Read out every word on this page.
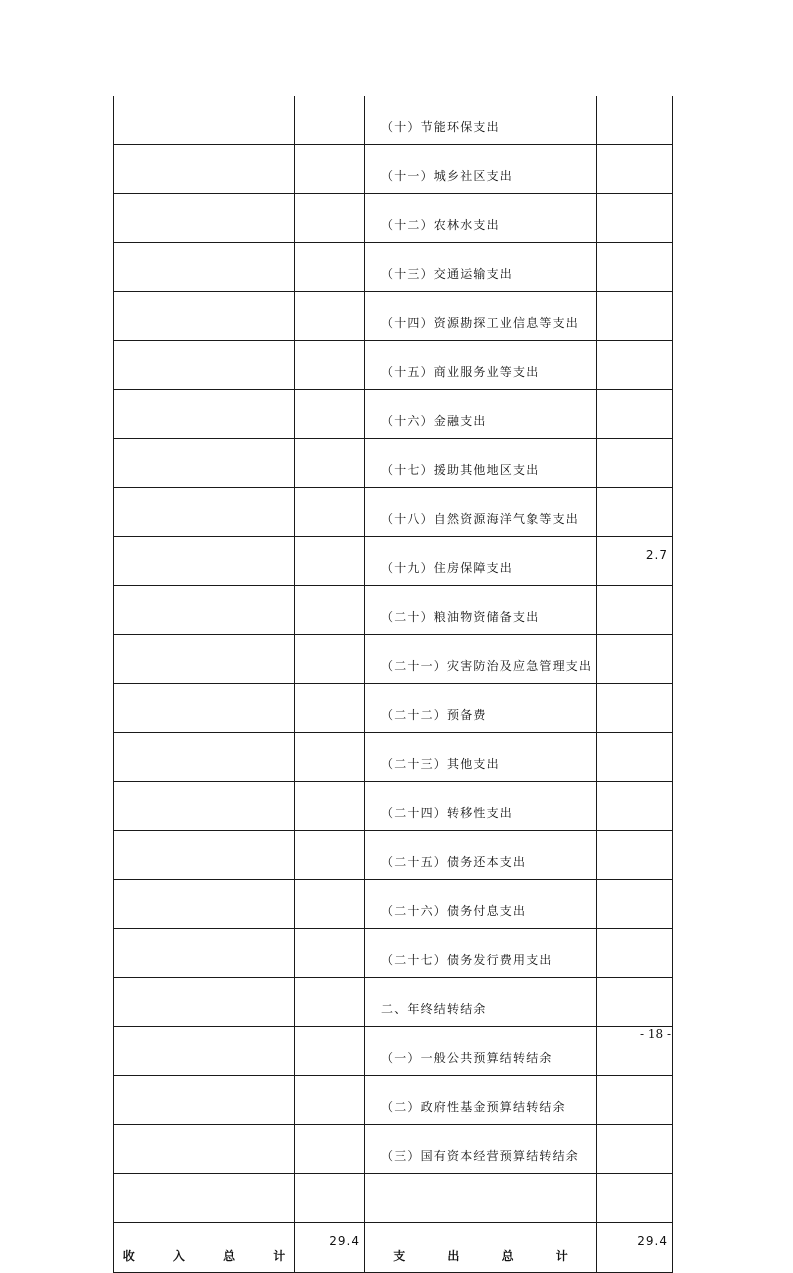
		（十）节能环保支出	
		（十一）城乡社区支出	
		（十二）农林水支出	
		（十三）交通运输支出	
		（十四）资源勘探工业信息等支出	
		（十五）商业服务业等支出	
		（十六）金融支出	
		（十七）援助其他地区支出	
		（十八）自然资源海洋气象等支出	
		（十九）住房保障支出	2.7
		（二十）粮油物资储备支出	
		（二十一）灾害防治及应急管理支出	
		（二十二）预备费	
		（二十三）其他支出	
		（二十四）转移性支出	
		（二十五）债务还本支出	
		（二十六）债务付息支出	
		（二十七）债务发行费用支出	
		二、年终结转结余	
		（一）一般公共预算结转结余	
		（二）政府性基金预算结转结余	
		（三）国有资本经营预算结转结余	

收 入 总 计	29.4	支 出 总 计	29.4
- 18 -
